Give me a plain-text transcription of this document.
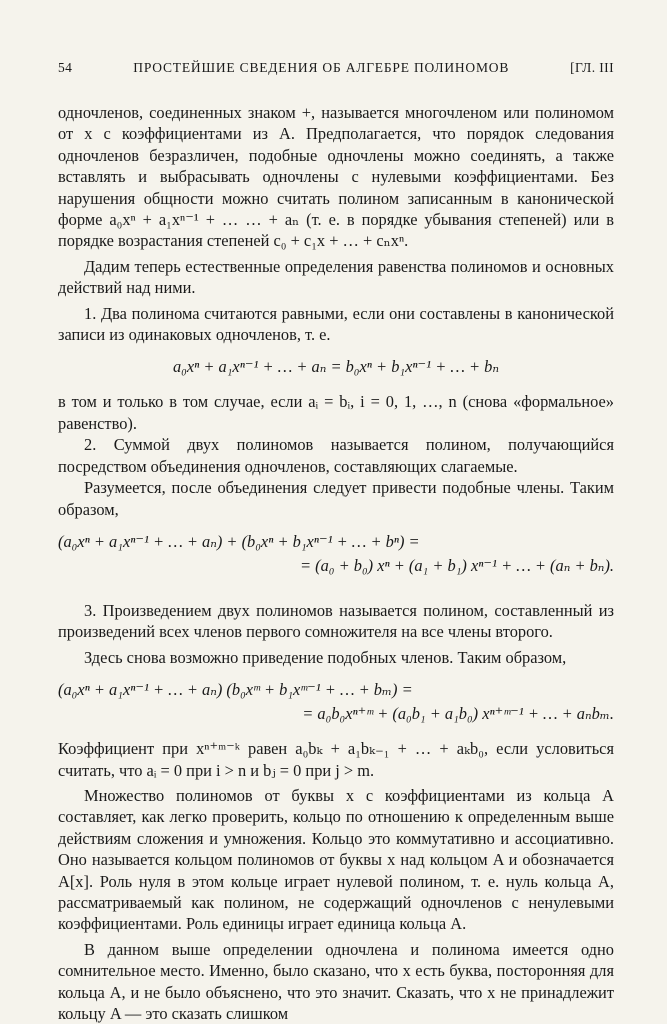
54	ПРОСТЕЙШИЕ СВЕДЕНИЯ ОБ АЛГЕБРЕ ПОЛИНОМОВ	[ГЛ. III

одночленов, соединенных знаком +, называется многочленом или полиномом от x с коэффициентами из A. Предполагается, что порядок следования одночленов безразличен, подобные одночлены можно соединять, а также вставлять и выбрасывать одночлены с нулевыми коэффициентами. Без нарушения общности можно считать полином записанным в канонической форме a₀xⁿ + a₁xⁿ⁻¹ + … … + aₙ (т. е. в порядке убывания степеней) или в порядке возрастания степеней c₀ + c₁x + … + cₙxⁿ.

Дадим теперь естественные определения равенства полиномов и основных действий над ними.

1. Два полинома считаются равными, если они составлены в канонической записи из одинаковых одночленов, т. е.

a₀xⁿ + a₁xⁿ⁻¹ + … + aₙ = b₀xⁿ + b₁xⁿ⁻¹ + … + bₙ

в том и только в том случае, если aᵢ = bᵢ, i = 0, 1, …, n (снова «формальное» равенство).

2. Суммой двух полиномов называется полином, получающийся посредством объединения одночленов, составляющих слагаемые.

Разумеется, после объединения следует привести подобные члены. Таким образом,

(a₀xⁿ + a₁xⁿ⁻¹ + … + aₙ) + (b₀xⁿ + b₁xⁿ⁻¹ + … + bⁿ) =
= (a₀ + b₀) xⁿ + (a₁ + b₁) xⁿ⁻¹ + … + (aₙ + bₙ).

3. Произведением двух полиномов называется полином, составленный из произведений всех членов первого сомножителя на все члены второго.

Здесь снова возможно приведение подобных членов. Таким образом,

(a₀xⁿ + a₁xⁿ⁻¹ + … + aₙ) (b₀xᵐ + b₁xᵐ⁻¹ + … + bₘ) =
= a₀b₀xⁿ⁺ᵐ + (a₀b₁ + a₁b₀) xⁿ⁺ᵐ⁻¹ + … + aₙbₘ.

Коэффициент при xⁿ⁺ᵐ⁻ᵏ равен a₀bₖ + a₁bₖ₋₁ + … + aₖb₀, если условиться считать, что aᵢ = 0 при i > n и bⱼ = 0 при j > m.

Множество полиномов от буквы x с коэффициентами из кольца A составляет, как легко проверить, кольцо по отношению к определенным выше действиям сложения и умножения. Кольцо это коммутативно и ассоциативно. Оно называется кольцом полиномов от буквы x над кольцом A и обозначается A[x]. Роль нуля в этом кольце играет нулевой полином, т. е. нуль кольца A, рассматриваемый как полином, не содержащий одночленов с ненулевыми коэффициентами. Роль единицы играет единица кольца A.

В данном выше определении одночлена и полинома имеется одно сомнительное место. Именно, было сказано, что x есть буква, посторонняя для кольца A, и не было объяснено, что это значит. Сказать, что x не принадлежит кольцу A — это сказать слишком
